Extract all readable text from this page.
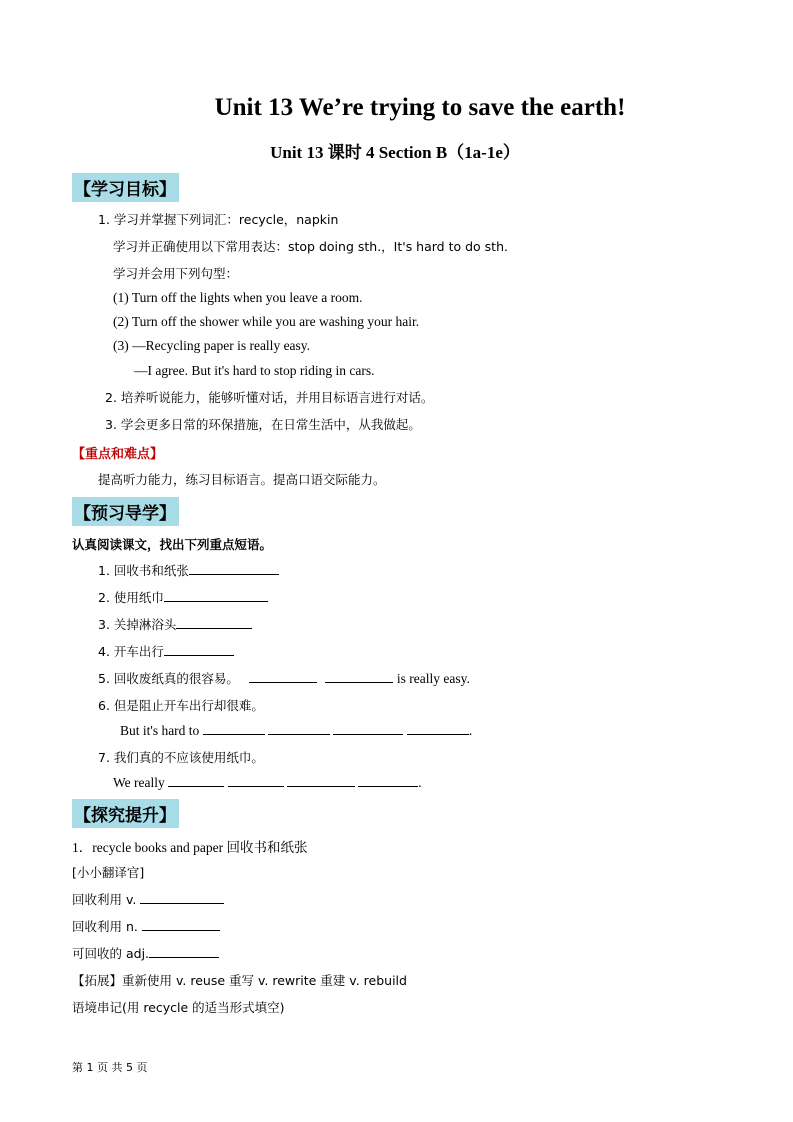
Unit 13 We’re trying to save the earth!
Unit 13 课时 4 Section B（1a-1e）
【学习目标】
1. 学习并掌握下列词汇：recycle，napkin
学习并正确使用以下常用表达：stop doing sth.，It's hard to do sth.
学习并会用下列句型：
(1) Turn off the lights when you leave a room.
(2) Turn off the shower while you are washing your hair.
(3) —Recycling paper is really easy.
—I agree. But it's hard to stop riding in cars.
2. 培养听说能力，能够听懂对话，并用目标语言进行对话。
3. 学会更多日常的环保措施，在日常生活中，从我做起。
【重点和难点】
提高听力能力，练习目标语言。提高口语交际能力。
【预习导学】
认真阅读课文，找出下列重点短语。
1. 回收书和纸张
2. 使用纸巾
3. 关掉淋浴头
4. 开车出行
5. 回收废纸真的很容易。	is really easy.
6. 但是阻止开车出行却很难。
But it's hard to	.
7. 我们真的不应该使用纸巾。
We really	.
【探究提升】
1．recycle books and paper 回收书和纸张
[小小翻译官]
回收利用 v.
回收利用 n.
可回收的 adj.
【拓展】重新使用 v. reuse 重写 v. rewrite 重建 v. rebuild
语境串记(用 recycle 的适当形式填空)
第 1 页 共 5 页
